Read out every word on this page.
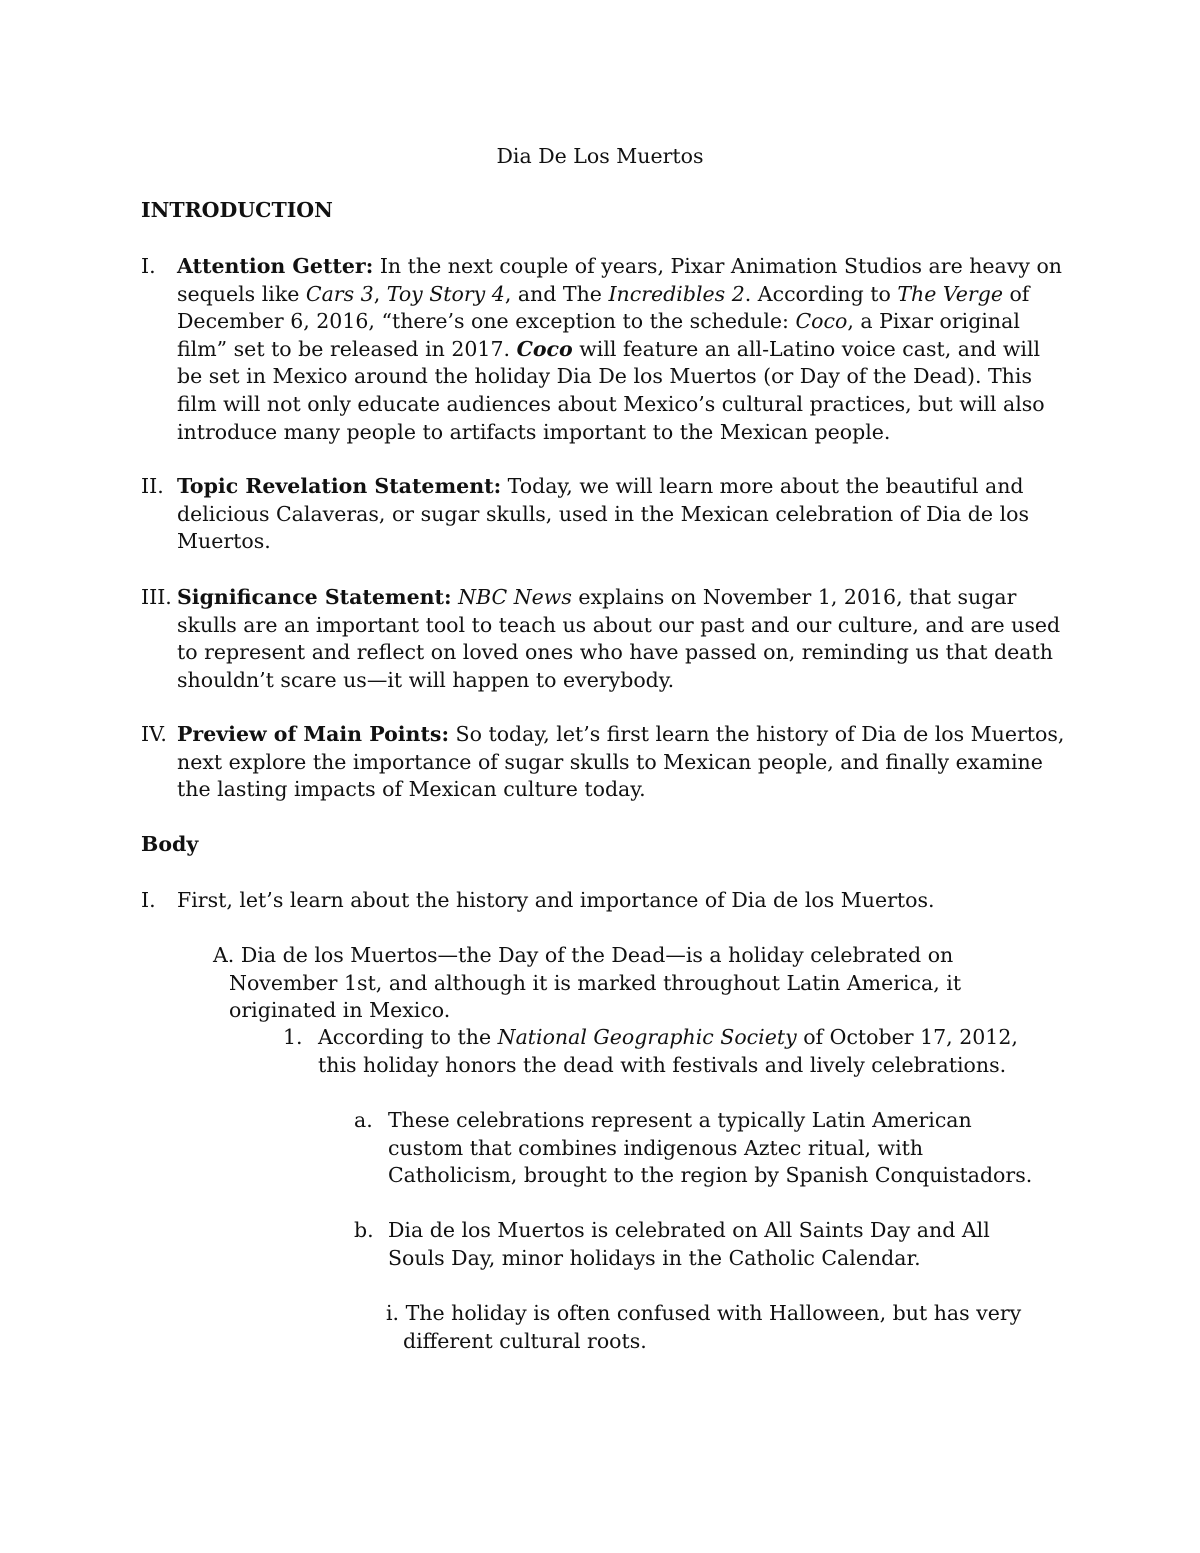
Dia De Los Muertos
INTRODUCTION
I.	Attention Getter: In the next couple of years, Pixar Animation Studios are heavy on sequels like Cars 3, Toy Story 4, and The Incredibles 2. According to The Verge of December 6, 2016, “there’s one exception to the schedule: Coco, a Pixar original film” set to be released in 2017. Coco will feature an all-Latino voice cast, and will be set in Mexico around the holiday Dia De los Muertos (or Day of the Dead). This film will not only educate audiences about Mexico’s cultural practices, but will also introduce many people to artifacts important to the Mexican people.

II. Topic Revelation Statement: Today, we will learn more about the beautiful and delicious Calaveras, or sugar skulls, used in the Mexican celebration of Dia de los Muertos.

III. Significance Statement: NBC News explains on November 1, 2016, that sugar skulls are an important tool to teach us about our past and our culture, and are used to represent and reflect on loved ones who have passed on, reminding us that death shouldn’t scare us—it will happen to everybody.

IV. Preview of Main Points: So today, let’s first learn the history of Dia de los Muertos, next explore the importance of sugar skulls to Mexican people, and finally examine the lasting impacts of Mexican culture today.

Body
I.	First, let’s learn about the history and importance of Dia de los Muertos.

A. Dia de los Muertos—the Day of the Dead—is a holiday celebrated on November 1st, and although it is marked throughout Latin America, it originated in Mexico.

1. According to the National Geographic Society of October 17, 2012, this holiday honors the dead with festivals and lively celebrations.

a. These celebrations represent a typically Latin American custom that combines indigenous Aztec ritual, with Catholicism, brought to the region by Spanish Conquistadors.

b. Dia de los Muertos is celebrated on All Saints Day and All Souls Day, minor holidays in the Catholic Calendar.

i. The holiday is often confused with Halloween, but has very different cultural roots.
